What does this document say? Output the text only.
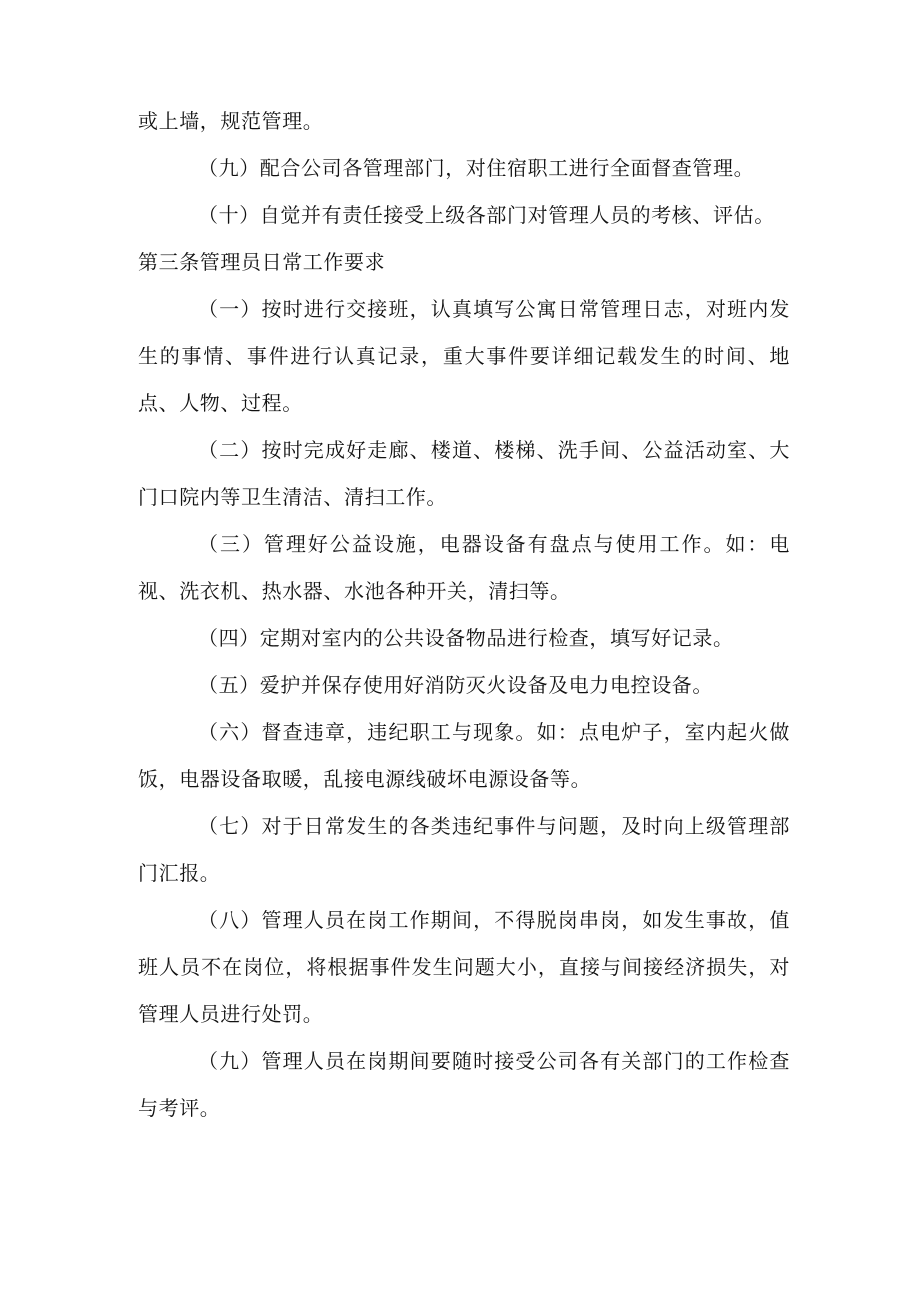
或上墙，规范管理。

（九）配合公司各管理部门，对住宿职工进行全面督查管理。

（十）自觉并有责任接受上级各部门对管理人员的考核、评估。

第三条管理员日常工作要求

（一）按时进行交接班，认真填写公寓日常管理日志，对班内发生的事情、事件进行认真记录，重大事件要详细记载发生的时间、地点、人物、过程。

（二）按时完成好走廊、楼道、楼梯、洗手间、公益活动室、大门口院内等卫生清洁、清扫工作。

（三）管理好公益设施，电器设备有盘点与使用工作。如：电视、洗衣机、热水器、水池各种开关，清扫等。

（四）定期对室内的公共设备物品进行检查，填写好记录。

（五）爱护并保存使用好消防灭火设备及电力电控设备。

（六）督查违章，违纪职工与现象。如：点电炉子，室内起火做饭，电器设备取暖，乱接电源线破坏电源设备等。

（七）对于日常发生的各类违纪事件与问题，及时向上级管理部门汇报。

（八）管理人员在岗工作期间，不得脱岗串岗，如发生事故，值班人员不在岗位，将根据事件发生问题大小，直接与间接经济损失，对管理人员进行处罚。

（九）管理人员在岗期间要随时接受公司各有关部门的工作检查与考评。
